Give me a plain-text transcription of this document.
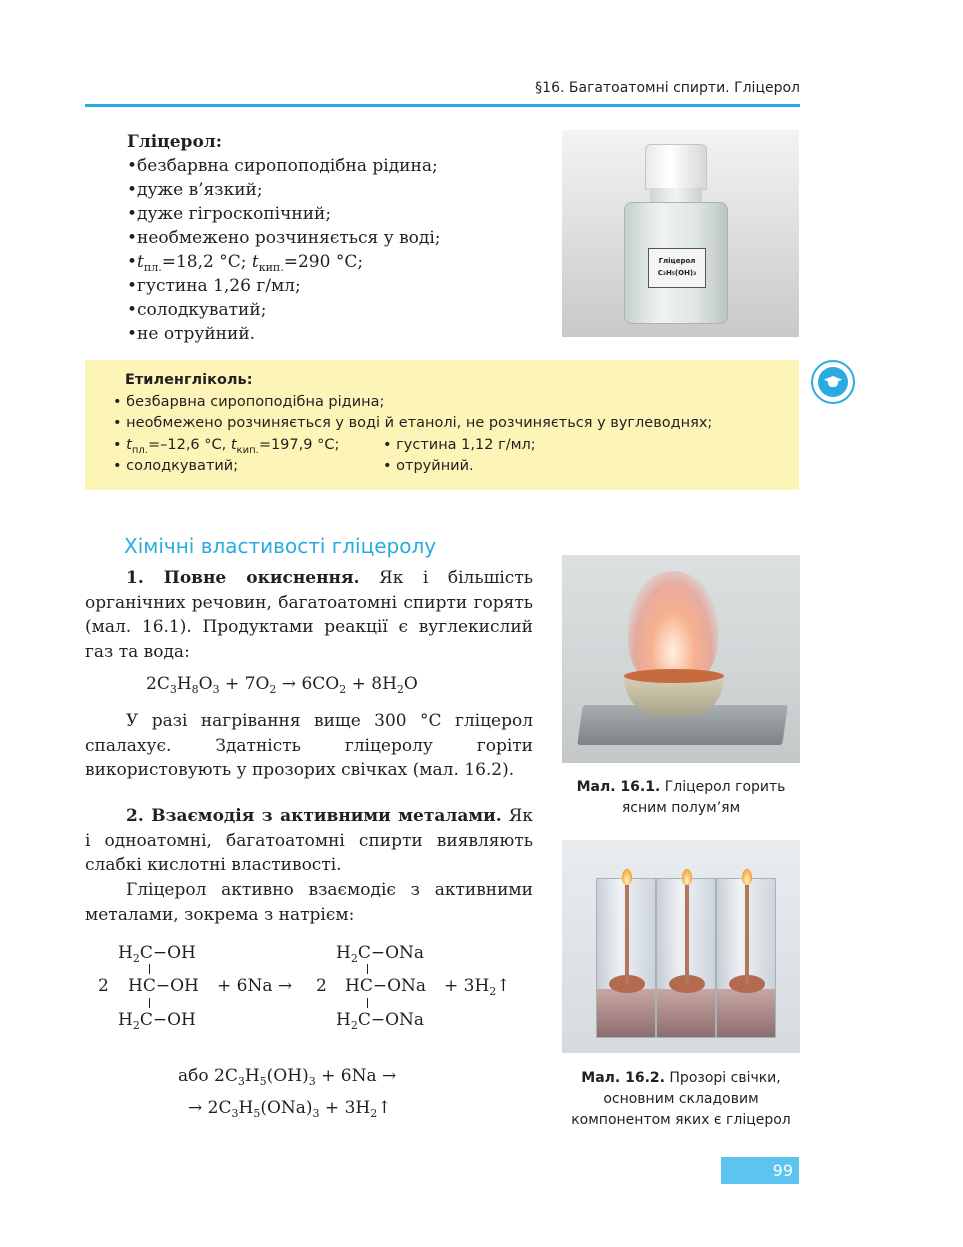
§16. Багатоатомні спирти. Гліцерол
Гліцерол:
• безбарвна сиропоподібна рідина;
• дуже в’язкий;
• дуже гігроскопічний;
• необмежено розчиняється у воді;
• $t_{пл.}=18,2$ °С; $t_{кип.}=290$ °С;
• густина 1,26 г/мл;
• солодкуватий;
• не отруйний.
Гліцерол
C₃H₅(OH)₃
Етиленгліколь:
• безбарвна сиропоподібна рідина;
• необмежено розчиняється у воді й етанолі, не розчиняється у вуглеводнях;
• $t_{пл.}=-12,6$ °С, $t_{кип.}=197,9$ °С;	• густина 1,12 г/мл;
• солодкуватий;	• отруйний.
Хімічні властивості гліцеролу
1. Повне окиснення. Як і більшість органічних речовин, багатоатомні спирти горять (мал. 16.1). Продуктами реакції є вуглекислий газ та вода:
$2C_3H_8O_3 + 7O_2 \to 6CO_2 + 8H_2O$
У разі нагрівання вище 300 °С гліцерол спалахує. Здатність гліцеролу горіти використовують у прозорих свічках (мал. 16.2).
2. Взаємодія з активними металами. Як і одноатомні, багатоатомні спирти виявляють слабкі кислотні властивості.
Гліцерол активно взаємодіє з активними металами, зокрема з натрієм:
$H_2C-OH$
2 HC−OH
$H_2C-OH$
+ 6Na → 2
$H_2C-ONa$
HC−ONa
$H_2C-ONa$
+ $3H_2↑$
або $2C_3H_5(OH)_3 + 6Na$ →
→ $2C_3H_5(ONa)_3$ + $3H_2↑$
Мал. 16.1. Гліцерол горить ясним полум’ям
Мал. 16.2. Прозорі свічки, основним складовим компонентом яких є гліцерол
99
